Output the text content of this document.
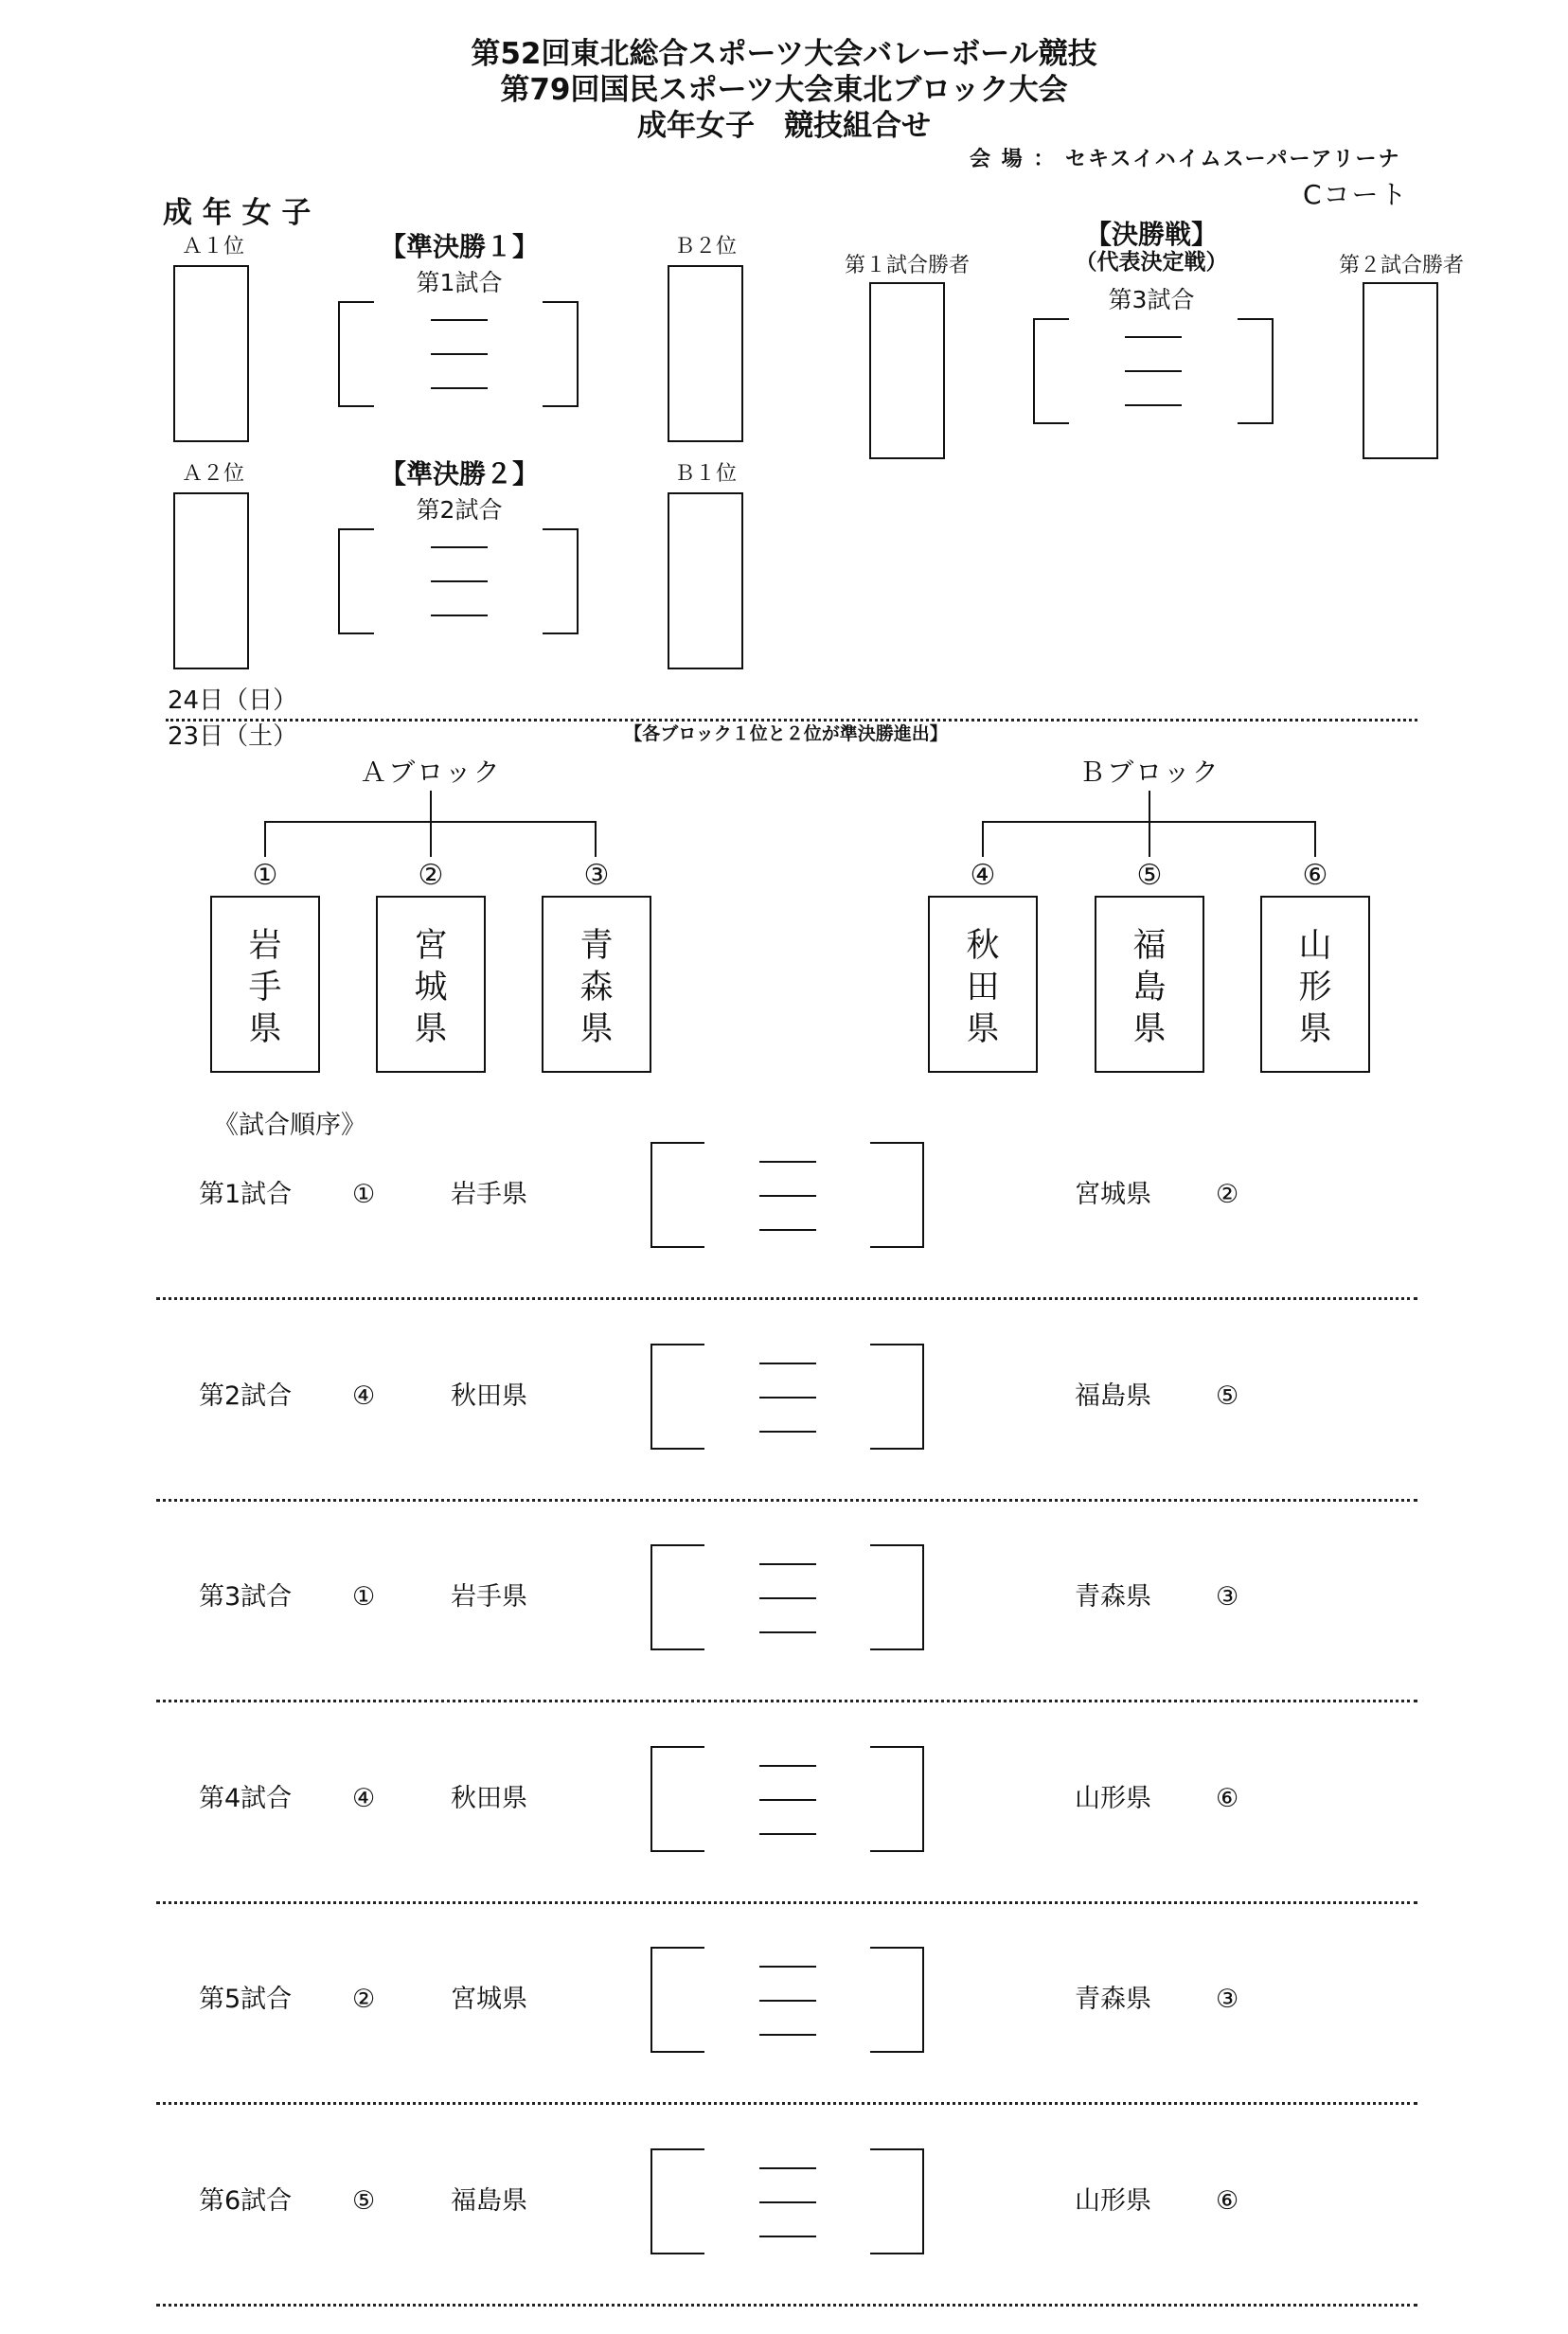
第52回東北総合スポーツ大会バレーボール競技
第79回国民スポーツ大会東北ブロック大会
成年女子　競技組合せ
会 場 ： セキスイハイムスーパーアリーナ
Cコート
成 年 女 子
Ａ１位	【準決勝１】
第1試合
Ｂ２位
Ａ２位	【準決勝２】
第2試合
Ｂ１位
第１試合勝者
【決勝戦】
（代表決定戦）
第3試合
第２試合勝者
24日（日）
23日（土）	【各ブロック１位と２位が準決勝進出】
Ａブロック
①
岩
手
県
②
宮
城
県
③
青
森
県
Ｂブロック
④
秋
田
県
⑤
福
島
県
⑥
山
形
県
《試合順序》
第1試合 ①	岩手県	宮城県	②
第2試合 ④	秋田県	福島県	⑤
第3試合 ①	岩手県	青森県	③
第4試合 ④	秋田県	山形県	⑥
第5試合 ②	宮城県	青森県	③
第6試合 ⑤	福島県	山形県	⑥
